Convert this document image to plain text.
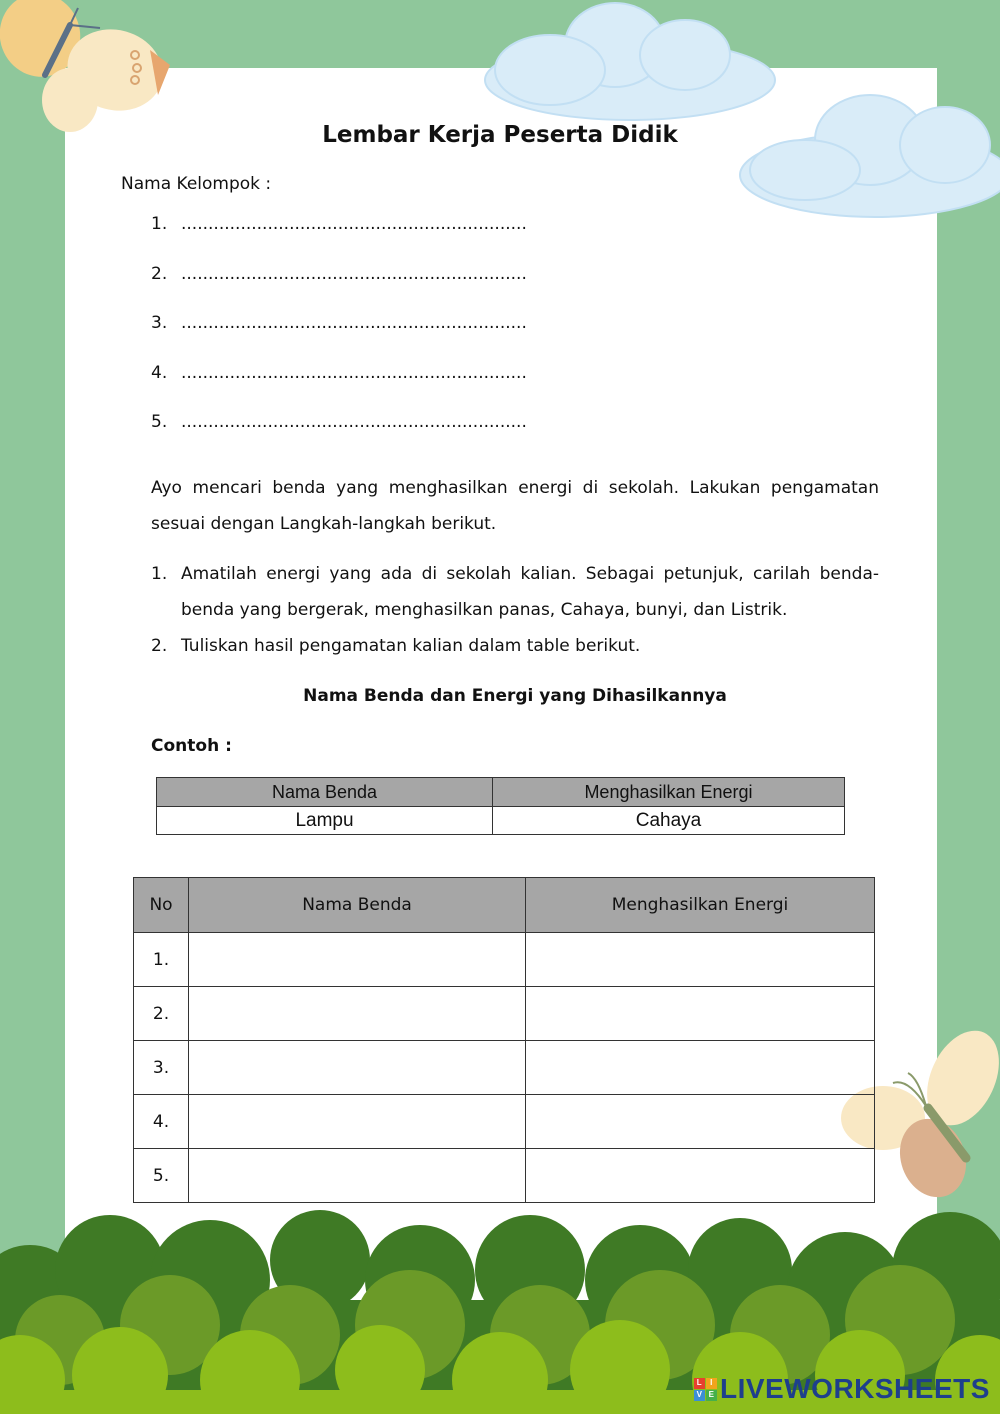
Lembar Kerja Peserta Didik
Nama Kelompok :
1. ................................................................
2. ................................................................
3. ................................................................
4. ................................................................
5. ................................................................
Ayo mencari benda yang menghasilkan energi di sekolah. Lakukan pengamatan sesuai dengan Langkah-langkah berikut.
1. Amatilah energi yang ada di sekolah kalian. Sebagai petunjuk, carilah benda-benda yang bergerak, menghasilkan panas, Cahaya, bunyi, dan Listrik.
2. Tuliskan hasil pengamatan kalian dalam table berikut.
Nama Benda dan Energi yang Dihasilkannya
Contoh :
Nama Benda	Menghasilkan Energi
Lampu	Cahaya
No	Nama Benda	Menghasilkan Energi
1.		
2.		
3.		
4.		
5.		
L I
V E LIVEWORKSHEETS
